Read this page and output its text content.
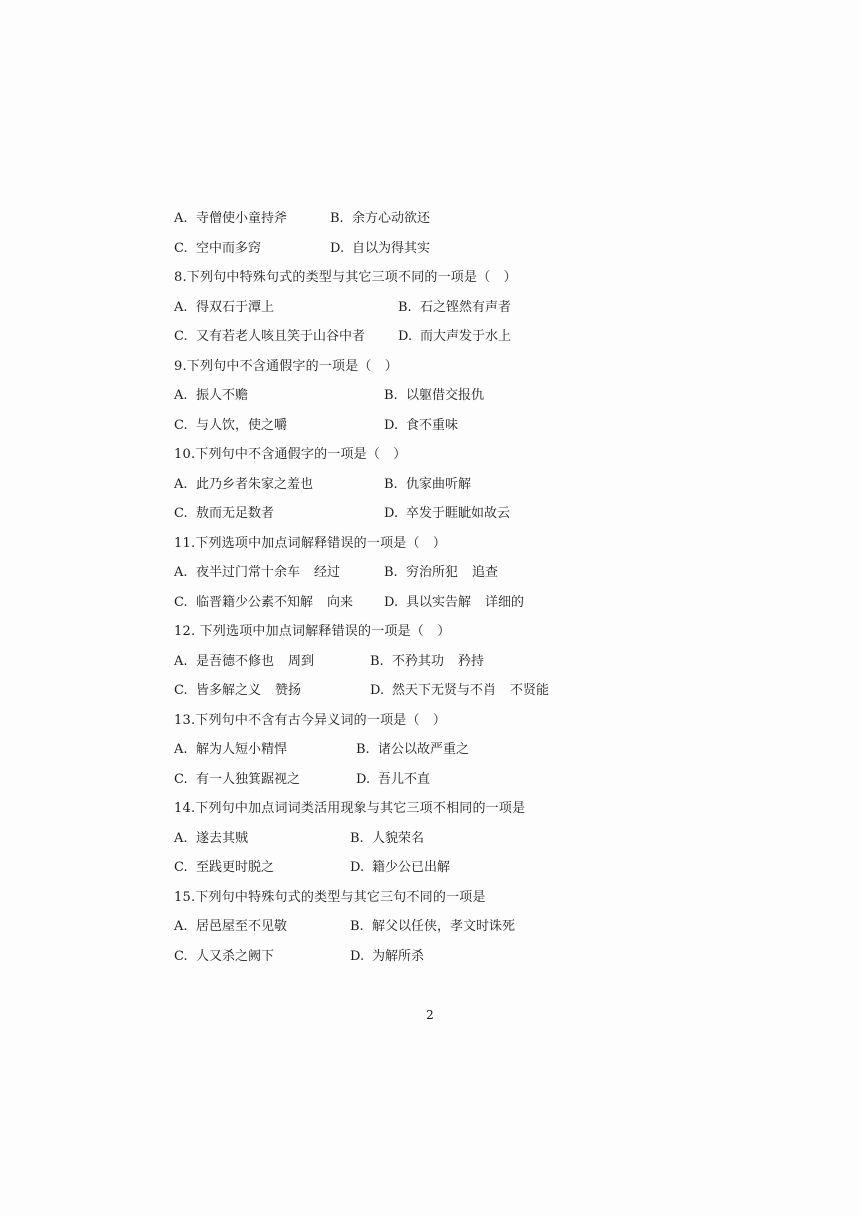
A. 寺僧使小童持斧	B. 余方心动欲还
C. 空中而多窍	D. 自以为得其实
8.下列句中特殊句式的类型与其它三项不同的一项是（　）
A. 得双石于潭上	B. 石之铿然有声者
C. 又有若老人咳且笑于山谷中者	D. 而大声发于水上
9.下列句中不含通假字的一项是（　）
A. 振人不赡	B. 以躯借交报仇
C. 与人饮，使之嚼	D. 食不重味
10.下列句中不含通假字的一项是（　）
A. 此乃乡者朱家之羞也	B. 仇家曲听解
C. 敖而无足数者	D. 卒发于睚眦如故云
11.下列选项中加点词解释错误的一项是（　）
A. 夜半过门常十余车 经过	B. 穷治所犯 追查
C. 临晋籍少公素不知解 向来 D. 具以实告解 详细的
12. 下列选项中加点词解释错误的一项是（　）
A. 是吾德不修也 周到	B. 不矜其功 矜持
C. 皆多解之义 赞扬	D. 然天下无贤与不肖 不贤能
13.下列句中不含有古今异义词的一项是（　）
A. 解为人短小精悍	B. 诸公以故严重之
C. 有一人独箕踞视之	D. 吾儿不直
14.下列句中加点词词类活用现象与其它三项不相同的一项是
A. 遂去其贼	B. 人貌荣名
C. 至践更时脱之	D. 籍少公已出解
15.下列句中特殊句式的类型与其它三句不同的一项是
A. 居邑屋至不见敬	B. 解父以任侠，孝文时诛死
C. 人又杀之阙下	D. 为解所杀
2
